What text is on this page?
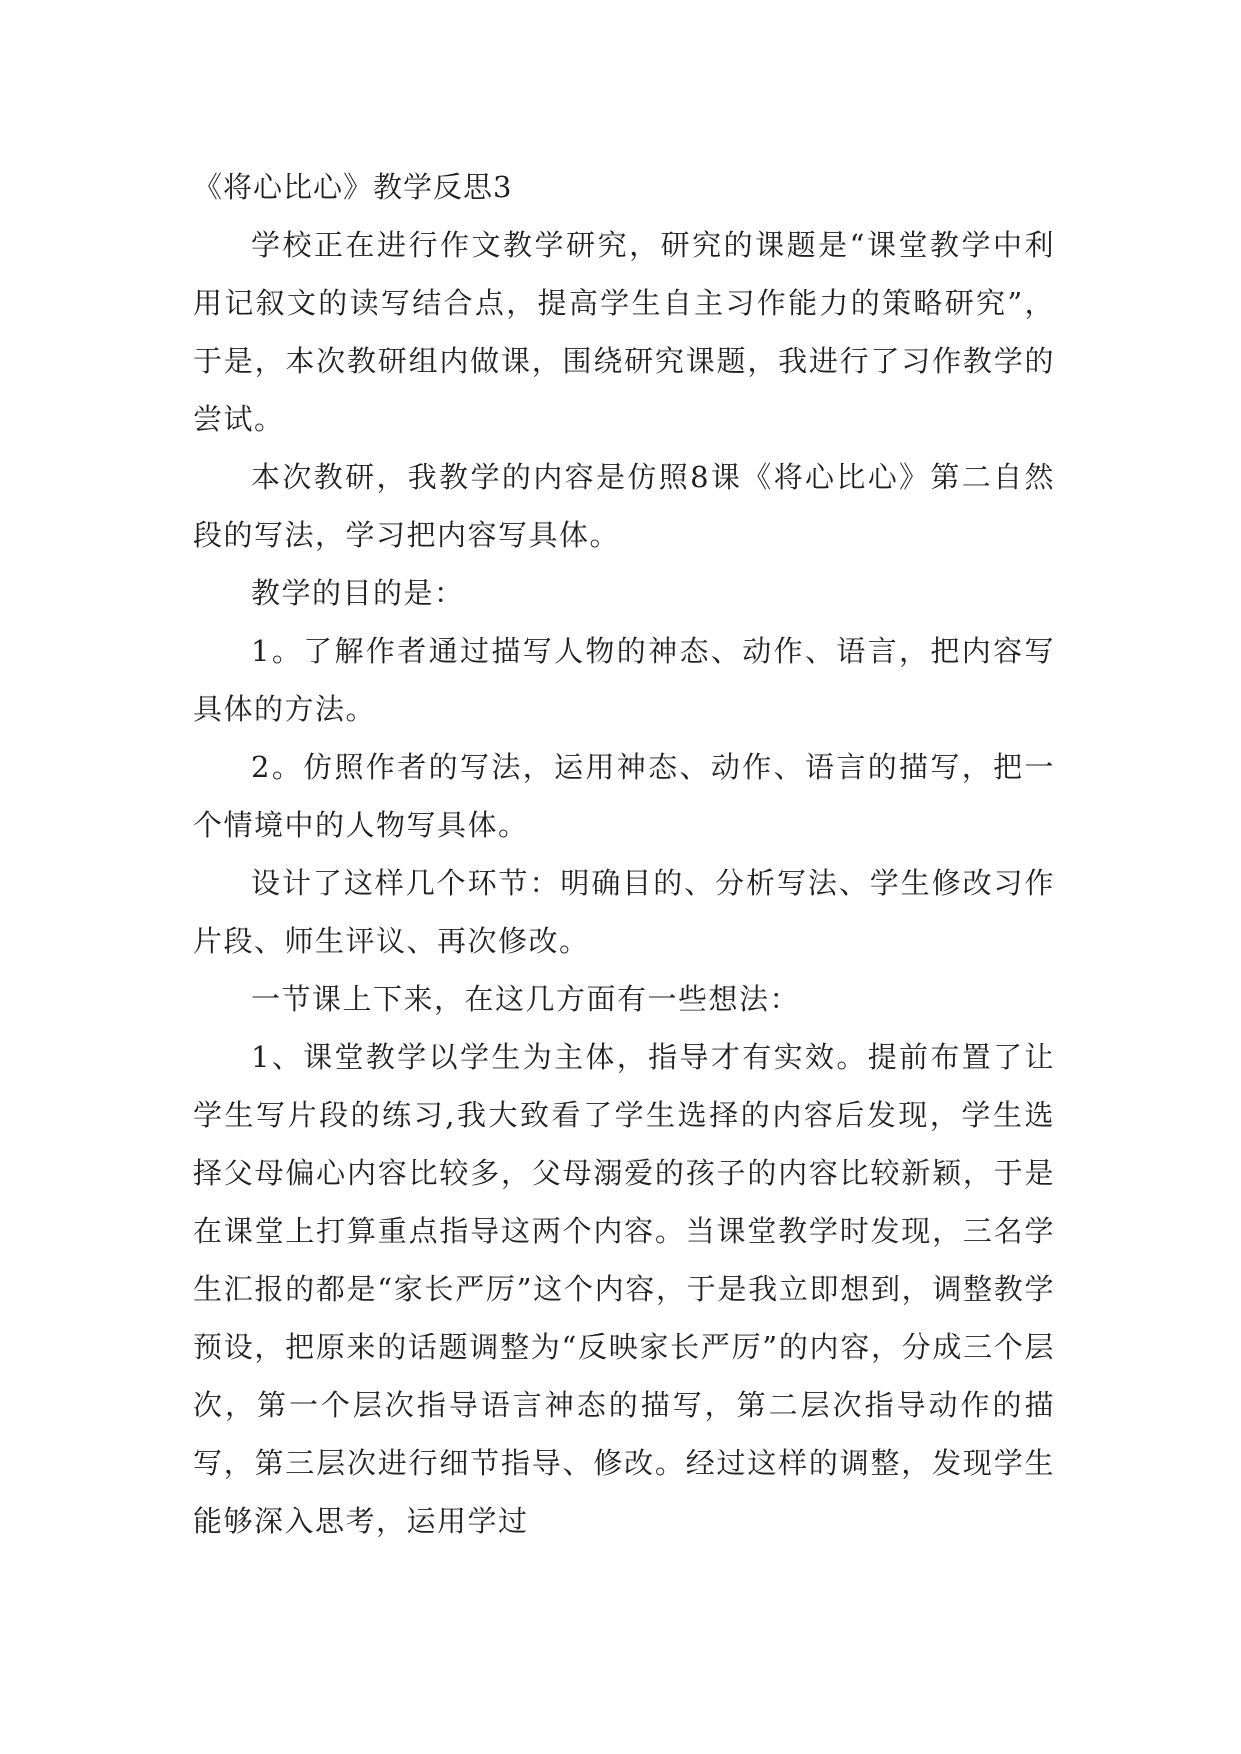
《将心比心》教学反思3

学校正在进行作文教学研究，研究的课题是“课堂教学中利用记叙文的读写结合点，提高学生自主习作能力的策略研究”，于是，本次教研组内做课，围绕研究课题，我进行了习作教学的尝试。

本次教研，我教学的内容是仿照8课《将心比心》第二自然段的写法，学习把内容写具体。

教学的目的是：

1。了解作者通过描写人物的神态、动作、语言，把内容写具体的方法。

2。仿照作者的写法，运用神态、动作、语言的描写，把一个情境中的人物写具体。

设计了这样几个环节：明确目的、分析写法、学生修改习作片段、师生评议、再次修改。

一节课上下来，在这几方面有一些想法：

1、课堂教学以学生为主体，指导才有实效。提前布置了让学生写片段的练习,我大致看了学生选择的内容后发现，学生选择父母偏心内容比较多，父母溺爱的孩子的内容比较新颖，于是在课堂上打算重点指导这两个内容。当课堂教学时发现，三名学生汇报的都是“家长严厉”这个内容，于是我立即想到，调整教学预设，把原来的话题调整为“反映家长严厉”的内容，分成三个层次，第一个层次指导语言神态的描写，第二层次指导动作的描写，第三层次进行细节指导、修改。经过这样的调整，发现学生能够深入思考，运用学过
